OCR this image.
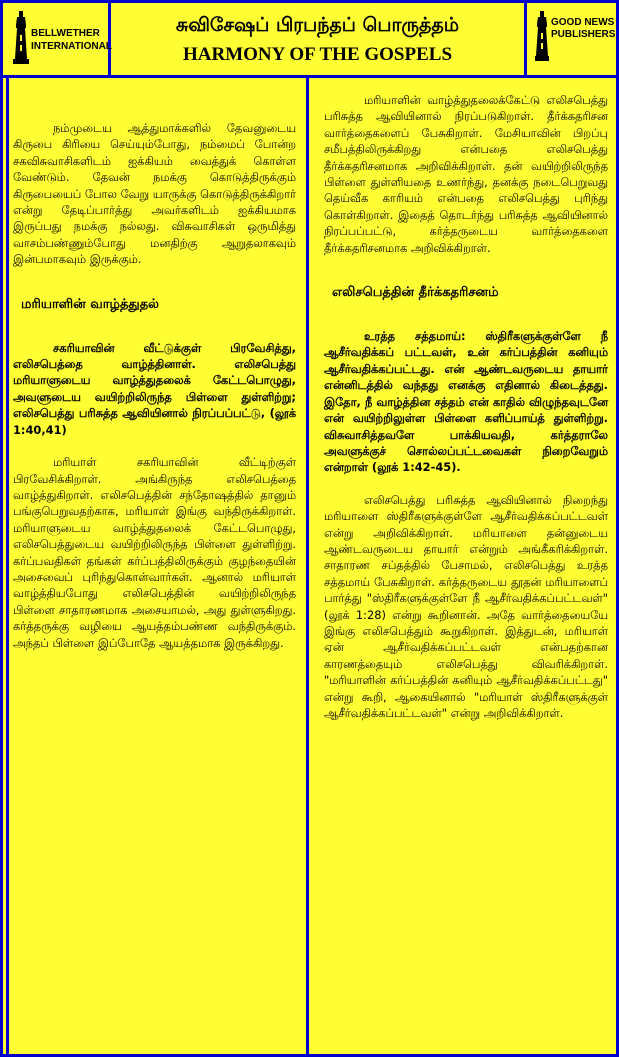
BELLWETHER
INTERNATIONAL
சுவிசேஷப் பிரபந்தப் பொருத்தம்
HARMONY OF THE GOSPELS
GOOD NEWS
PUBLISHERS

நம்முடைய ஆத்துமாக்களில் தேவனுடைய கிருபை கிரியை செய்யும்போது, நம்மைப் போன்ற சகவிசுவாசிகளிடம் ஐக்கியம் வைத்துக் கொள்ள வேண்டும். தேவன் நமக்கு கொடுத்திருக்கும் கிருபையைப் போல வேறு யாருக்கு கொடுத்திருக்கிறார் என்று தேடிப்பார்த்து அவர்களிடம் ஐக்கியமாக இருப்பது நமக்கு நல்லது. விசுவாசிகள் ஒருமித்து வாசம்பண்ணும்போது மனதிற்கு ஆறுதலாகவும் இன்பமாகவும் இருக்கும்.

மரியாளின் வாழ்த்துதல்

சகரியாவின் வீட்டுக்குள் பிரவேசித்து, எலிசபெத்தை வாழ்த்தினாள். எலிசபெத்து மரியாளுடைய வாழ்த்துதலைக் கேட்டபொழுது, அவளுடைய வயிற்றிலிருந்த பிள்ளை துள்ளிற்று; எலிசபெத்து பரிசுத்த ஆவியினால் நிரப்பப்பட்டு, (லூக் 1:40,41)

மரியாள் சகரியாவின் வீட்டிற்குள் பிரவேசிக்கிறாள். அங்கிருந்த எலிசபெத்தை வாழ்த்துகிறாள். எலிசபெத்தின் சந்தோஷத்தில் தானும் பங்குபெறுவதற்காக, மரியாள் இங்கு வந்திருக்கிறாள். மரியாளுடைய வாழ்த்துதலைக் கேட்டபொழுது, எலிசபெத்துடைய வயிற்றிலிருந்த பிள்ளை துள்ளிற்று. கர்ப்பவதிகள் தங்கள் கர்ப்பத்திலிருக்கும் குழந்தையின் அசைவைப் புரிந்துகொள்வார்கள். ஆனால் மரியாள் வாழ்த்தியபோது எலிசபெத்தின் வயிற்றிலிருந்த பிள்ளை சாதாரணமாக அசையாமல், அது துள்ளுகிறது. கர்த்தருக்கு வழியை ஆயத்தம்பண்ண வந்திருக்கும். அந்தப் பிள்ளை இப்போதே ஆயத்தமாக இருக்கிறது.

மரியாளின் வாழ்த்துதலைக்கேட்டு எலிசபெத்து பரிசுத்த ஆவியினால் நிரப்படுகிறாள். தீர்க்கதரிசன வார்த்தைகளைப் பேசுகிறாள். மேசியாவின் பிறப்பு சமீபத்திலிருக்கிறது என்பதை எலிசபெத்து தீர்க்கதரிசனமாக அறிவிக்கிறாள். தன் வயிற்றிலிருந்த பிள்ளை துள்ளியதை உணர்ந்து, தனக்கு நடைபெறுவது தெய்வீக காரியம் என்பதை எலிசபெத்து புரிந்து கொள்கிறாள். இதைத் தொடர்ந்து பரிசுத்த ஆவியினால் நிரப்பப்பட்டு, கர்த்தருடைய வார்த்தைகளை தீர்க்கதரிசனமாக அறிவிக்கிறாள்.

எலிசபெத்தின் தீர்க்கதரிசனம்

உரத்த சத்தமாய்: ஸ்திரீகளுக்குள்ளே நீ ஆசீர்வதிக்கப் பட்டவள், உன் கர்ப்பத்தின் கனியும் ஆசீர்வதிக்கப்பட்டது. என் ஆண்டவருடைய தாயார் என்னிடத்தில் வந்தது எனக்கு எதினால் கிடைத்தது. இதோ, நீ வாழ்த்தின சத்தம் என் காதில் விழுந்தவுடனே என் வயிற்றிலுள்ள பிள்ளை களிப்பாய்த் துள்ளிற்று. விசுவாசித்தவளே பாக்கியவதி, கர்த்தராலே அவளுக்குச் சொல்லப்பட்டவைகள் நிறைவேறும் என்றாள் (லூக் 1:42-45).

எலிசபெத்து பரிசுத்த ஆவியினால் நிறைந்து மரியாளை ஸ்திரீகளுக்குள்ளே ஆசீர்வதிக்கப்பட்டவள் என்று அறிவிக்கிறாள். மரியாளை தன்னுடைய ஆண்டவருடைய தாயார் என்றும் அங்கீகரிக்கிறாள். சாதாரண சப்தத்தில் பேசாமல், எலிசபெத்து உரத்த சத்தமாய் பேசுகிறாள். கர்த்தருடைய தூதன் மரியாளைப் பார்த்து "ஸ்திரீகளுக்குள்ளே நீ ஆசீர்வதிக்கப்பட்டவள்" (லூக் 1:28) என்று கூறினான். அதே வார்த்தையையே இங்கு எலிசபெத்தும் கூறுகிறாள். இத்துடன், மரியாள் ஏன் ஆசீர்வதிக்கப்பட்டவள் என்பதற்கான காரணத்தையும் எலிசபெத்து விவரிக்கிறாள். "மரியாளின் கர்ப்பத்தின் கனியும் ஆசீர்வதிக்கப்பட்டது" என்று கூறி, ஆகையினால் "மரியாள் ஸ்திரீகளுக்குள் ஆசீர்வதிக்கப்பட்டவள்" என்று அறிவிக்கிறாள்.
